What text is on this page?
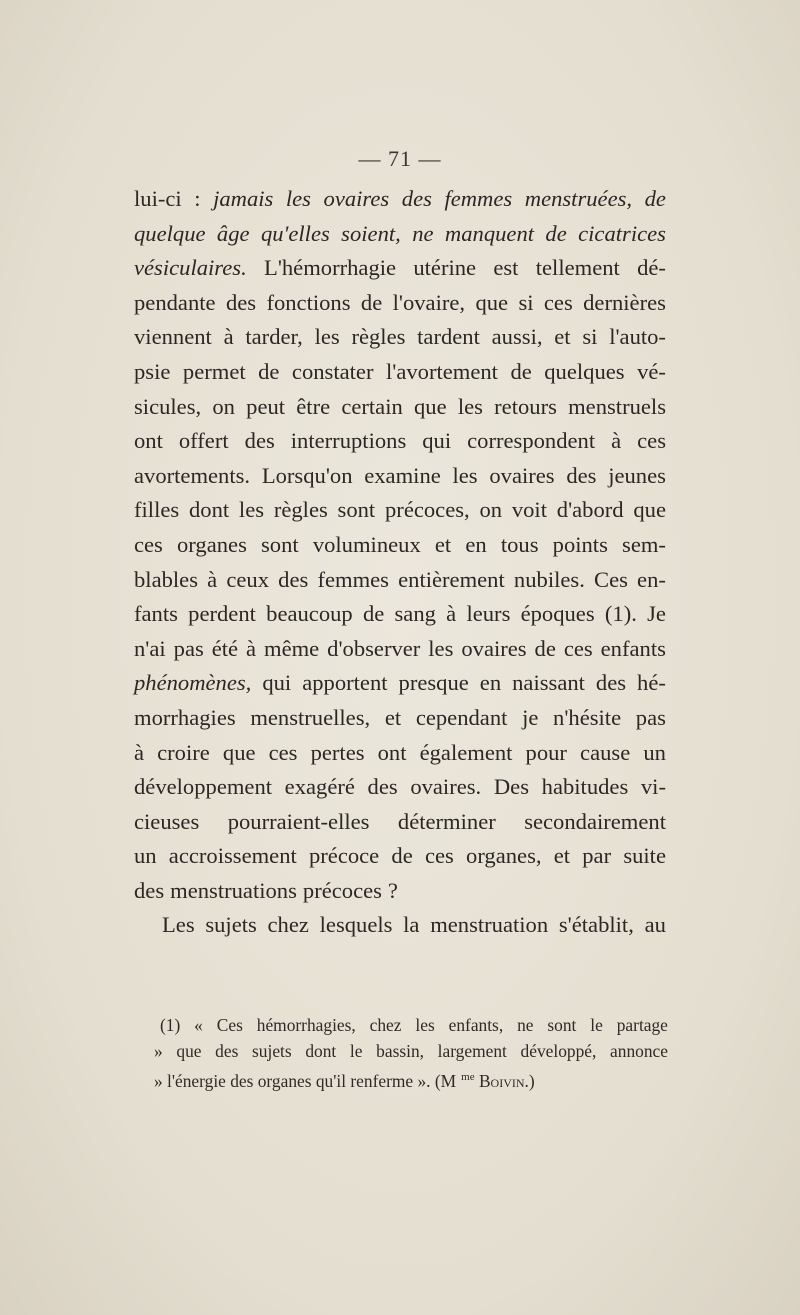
— 71 —
lui-ci : jamais les ovaires des femmes menstruées, de
quelque âge qu'elles soient, ne manquent de cicatrices
vésiculaires. L'hémorrhagie utérine est tellement dé-
pendante des fonctions de l'ovaire, que si ces dernières
viennent à tarder, les règles tardent aussi, et si l'auto-
psie permet de constater l'avortement de quelques vé-
sicules, on peut être certain que les retours menstruels
ont offert des interruptions qui correspondent à ces
avortements. Lorsqu'on examine les ovaires des jeunes
filles dont les règles sont précoces, on voit d'abord que
ces organes sont volumineux et en tous points sem-
blables à ceux des femmes entièrement nubiles. Ces en-
fants perdent beaucoup de sang à leurs époques (1). Je
n'ai pas été à même d'observer les ovaires de ces enfants
phénomènes, qui apportent presque en naissant des hé-
morrhagies menstruelles, et cependant je n'hésite pas
à croire que ces pertes ont également pour cause un
développement exagéré des ovaires. Des habitudes vi-
cieuses pourraient-elles déterminer secondairement
un accroissement précoce de ces organes, et par suite
des menstruations précoces ?
Les sujets chez lesquels la menstruation s'établit, au
(1) « Ces hémorrhagies, chez les enfants, ne sont le partage
» que des sujets dont le bassin, largement développé, annonce
» l'énergie des organes qu'il renferme ». (M $^{me}$ Boivin.)
